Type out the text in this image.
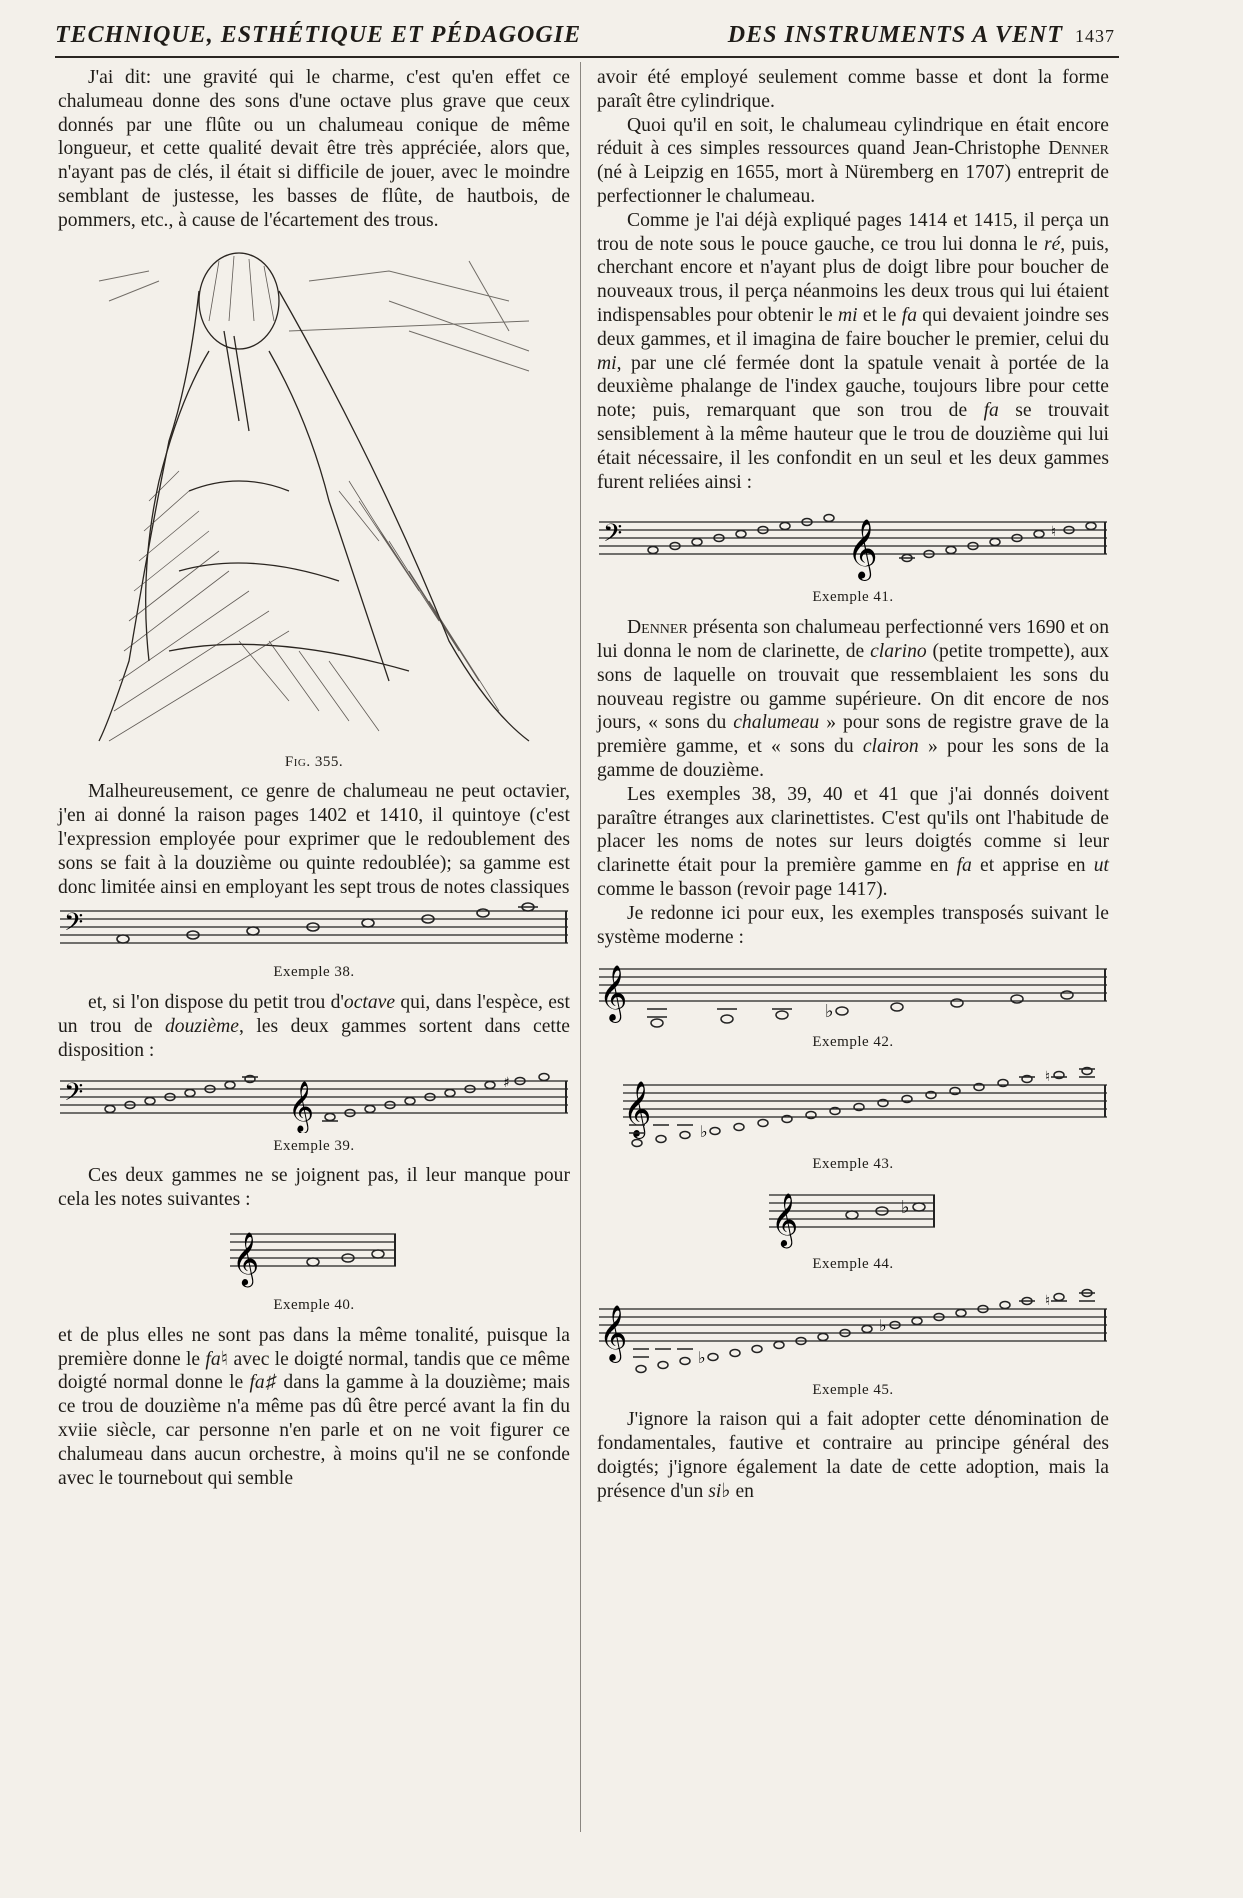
TECHNIQUE, ESTHÉTIQUE ET PÉDAGOGIE	DES INSTRUMENTS A VENT 1437

J'ai dit: une gravité qui le charme, c'est qu'en effet ce chalumeau donne des sons d'une octave plus grave que ceux donnés par une flûte ou un chalumeau conique de même longueur, et cette qualité devait être très appréciée, alors que, n'ayant pas de clés, il était si difficile de jouer, avec le moindre semblant de justesse, les basses de flûte, de hautbois, de pommers, etc., à cause de l'écartement des trous.

Fig. 355.

Malheureusement, ce genre de chalumeau ne peut octavier, j'en ai donné la raison pages 1402 et 1410, il quintoye (c'est l'expression employée pour exprimer que le redoublement des sons se fait à la douzième ou quinte redoublée); sa gamme est donc limitée ainsi en employant les sept trous de notes classiques

𝄢

Exemple 38.

et, si l'on dispose du petit trou d'octave qui, dans l'espèce, est un trou de douzième, les deux gammes sortent dans cette disposition :

𝄢	𝄞	♯

Exemple 39.

Ces deux gammes ne se joignent pas, il leur manque pour cela les notes suivantes :

𝄞

Exemple 40.

et de plus elles ne sont pas dans la même tonalité, puisque la première donne le fa♮ avec le doigté normal, tandis que ce même doigté normal donne le fa♯ dans la gamme à la douzième; mais ce trou de douzième n'a même pas dû être percé avant la fin du xviie siècle, car personne n'en parle et on ne voit figurer ce chalumeau dans aucun orchestre, à moins qu'il ne se confonde avec le tournebout qui semble

avoir été employé seulement comme basse et dont la forme paraît être cylindrique.

Quoi qu'il en soit, le chalumeau cylindrique en était encore réduit à ces simples ressources quand Jean-Christophe Denner (né à Leipzig en 1655, mort à Nüremberg en 1707) entreprit de perfectionner le chalumeau.

Comme je l'ai déjà expliqué pages 1414 et 1415, il perça un trou de note sous le pouce gauche, ce trou lui donna le ré, puis, cherchant encore et n'ayant plus de doigt libre pour boucher de nouveaux trous, il perça néanmoins les deux trous qui lui étaient indispensables pour obtenir le mi et le fa qui devaient joindre ses deux gammes, et il imagina de faire boucher le premier, celui du mi, par une clé fermée dont la spatule venait à portée de la deuxième phalange de l'index gauche, toujours libre pour cette note; puis, remarquant que son trou de fa se trouvait sensiblement à la même hauteur que le trou de douzième qui lui était nécessaire, il les confondit en un seul et les deux gammes furent reliées ainsi :

𝄢	𝄞	♮

Exemple 41.

Denner présenta son chalumeau perfectionné vers 1690 et on lui donna le nom de clarinette, de clarino (petite trompette), aux sons de laquelle on trouvait que ressemblaient les sons du nouveau registre ou gamme supérieure. On dit encore de nos jours, « sons du chalumeau » pour sons de registre grave de la première gamme, et « sons du clairon » pour les sons de la gamme de douzième.

Les exemples 38, 39, 40 et 41 que j'ai donnés doivent paraître étranges aux clarinettistes. C'est qu'ils ont l'habitude de placer les noms de notes sur leurs doigtés comme si leur clarinette était pour la première gamme en fa et apprise en ut comme le basson (revoir page 1417).

Je redonne ici pour eux, les exemples transposés suivant le système moderne :

𝄞	♭

Exemple 42.

𝄞	♭
♮

Exemple 43.

𝄞	♭

Exemple 44.

𝄞	♭
♭
♮

Exemple 45.

J'ignore la raison qui a fait adopter cette dénomination de fondamentales, fautive et contraire au principe général des doigtés; j'ignore également la date de cette adoption, mais la présence d'un si♭ en
